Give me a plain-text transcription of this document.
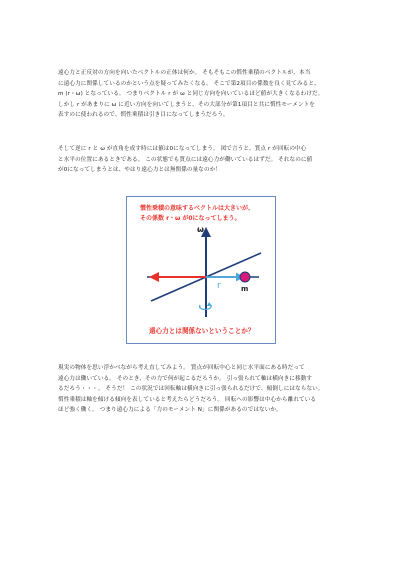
遠心力と正反対の方向を向いたベクトルの正体は何か。 そもそもこの慣性乗積のベクトルが、本当
に遠心力に関係しているのかという点を疑ってみたくなる。 そこで第2項目の係数を良く見てみると、
m (r・ω) となっている。 つまりベクトル r が ω と同じ方向を向いているほど値が大きくなるわけだ。
しかし r があまりに ω に近い方向を向いてしまうと、その大部分が第1項目と共に慣性モーメントを
表すのに使われるので、慣性乗積は引き目になってしまうだろう。
そして逆に r と ω が直角を成す時には値は0になってしまう。 図で言うと、質点 r が回転の中心
と水平の位置にあるときである。 この状態でも質点には遠心力が働いているはずだ。 それなのに値
が0になってしまうとは、やはり遠心力とは無関係の量なのか！
慣性乗積の意味するベクトルは大きいが、
その係数 r・ω が0になってしまう。
ω
r	m
遠心力とは関係ないということか？
現実の物体を思い浮かべながら考え直してみよう。 質点が回転中心と同じ水平面にある時だって
遠心力は働いている。 そのとき、その力で何が起こるだろうか。 引っ張られて軸は横向きに移動す
るだろう・・・。 そうだ！ この状況では回転軸は横向きに引っ張られるだけで、傾倒しにはならない。
慣性乗積は軸を傾ける傾向を表していると考えたらどうだろう。 回転への影響は中心から離れている
ほど強く働く。 つまり遠心力による「力のモーメント N」に関係があるのではないか。
